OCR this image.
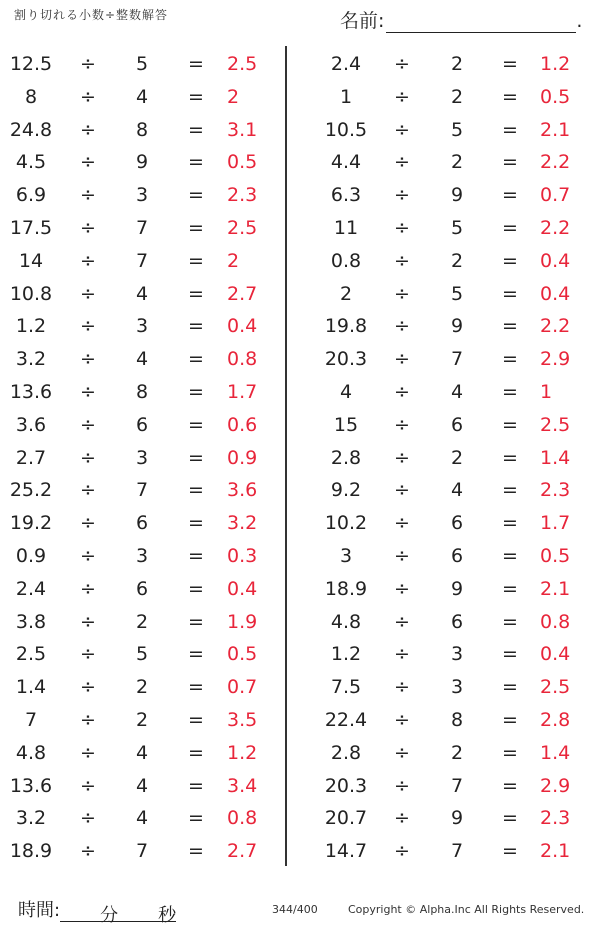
割り切れる小数÷整数解答	名前:	.
12.5	÷	5	=	2.5
8	÷	4	=	2
24.8	÷	8	=	3.1
4.5	÷	9	=	0.5
6.9	÷	3	=	2.3
17.5	÷	7	=	2.5
14	÷	7	=	2
10.8	÷	4	=	2.7
1.2	÷	3	=	0.4
3.2	÷	4	=	0.8
13.6	÷	8	=	1.7
3.6	÷	6	=	0.6
2.7	÷	3	=	0.9
25.2	÷	7	=	3.6
19.2	÷	6	=	3.2
0.9	÷	3	=	0.3
2.4	÷	6	=	0.4
3.8	÷	2	=	1.9
2.5	÷	5	=	0.5
1.4	÷	2	=	0.7
7	÷	2	=	3.5
4.8	÷	4	=	1.2
13.6	÷	4	=	3.4
3.2	÷	4	=	0.8
18.9	÷	7	=	2.7
2.4	÷	2	=	1.2
1	÷	2	=	0.5
10.5	÷	5	=	2.1
4.4	÷	2	=	2.2
6.3	÷	9	=	0.7
11	÷	5	=	2.2
0.8	÷	2	=	0.4
2	÷	5	=	0.4
19.8	÷	9	=	2.2
20.3	÷	7	=	2.9
4	÷	4	=	1
15	÷	6	=	2.5
2.8	÷	2	=	1.4
9.2	÷	4	=	2.3
10.2	÷	6	=	1.7
3	÷	6	=	0.5
18.9	÷	9	=	2.1
4.8	÷	6	=	0.8
1.2	÷	3	=	0.4
7.5	÷	3	=	2.5
22.4	÷	8	=	2.8
2.8	÷	2	=	1.4
20.3	÷	7	=	2.9
20.7	÷	9	=	2.3
14.7	÷	7	=	2.1
時間: 分 秒	344/400	Copyright © Alpha.Inc All Rights Reserved.
